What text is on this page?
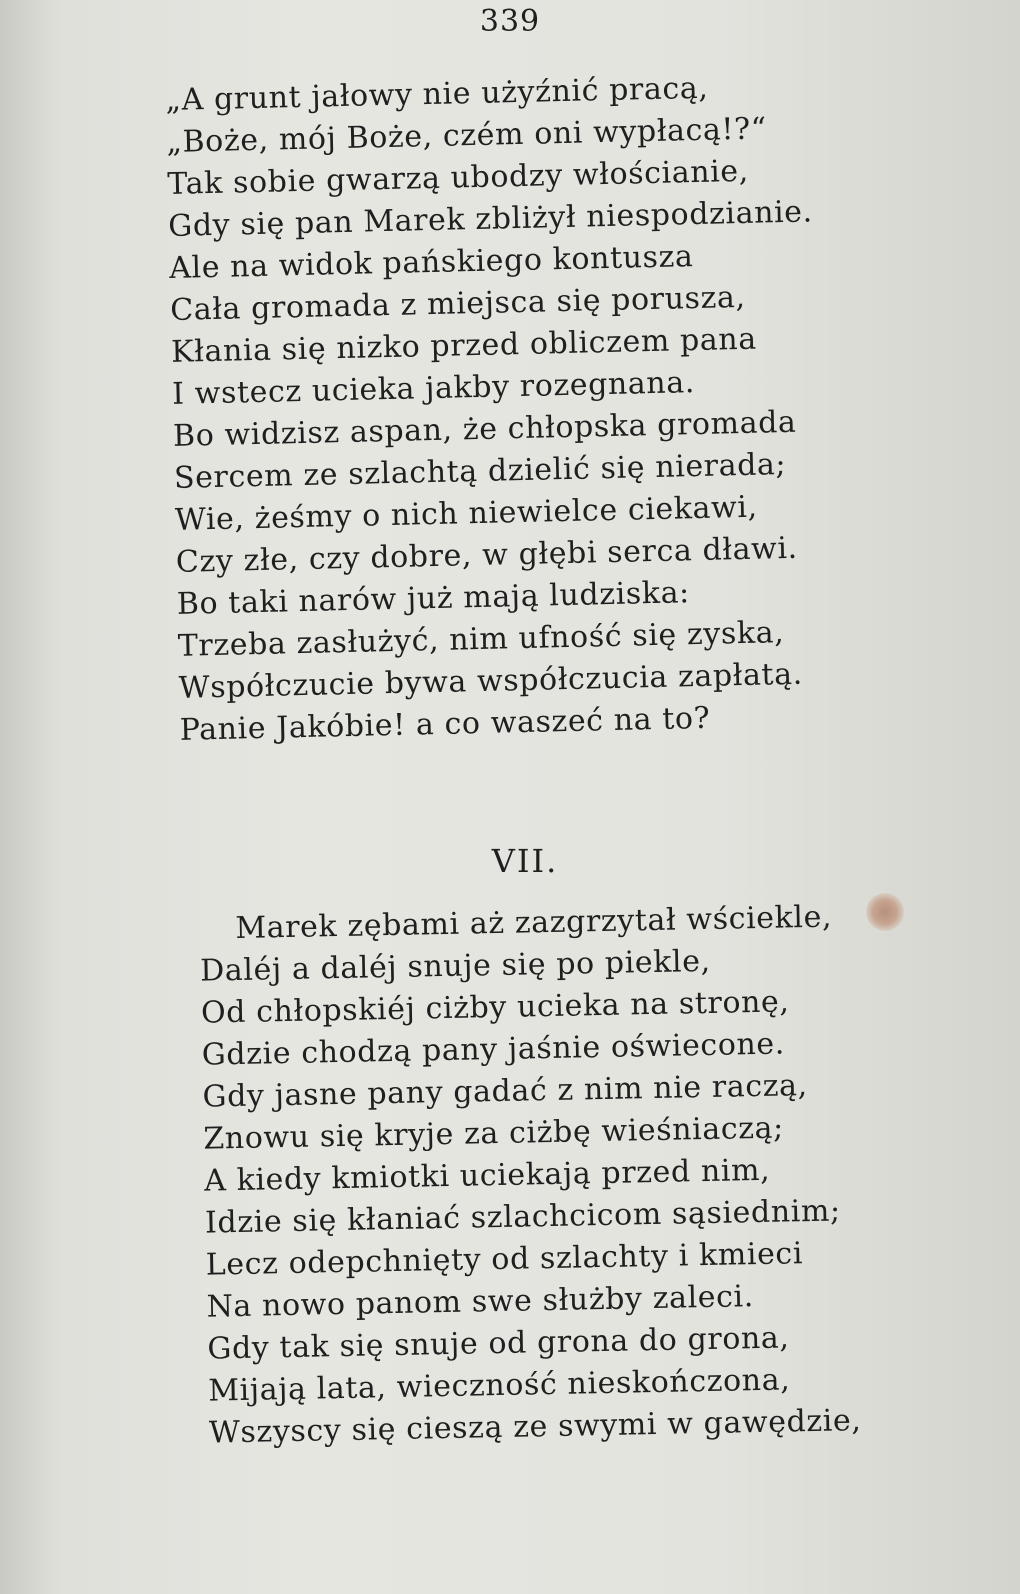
339
„A grunt jałowy nie użyźnić pracą,
„Boże, mój Boże, czém oni wypłacą!?“
Tak sobie gwarzą ubodzy włościanie,
Gdy się pan Marek zbliżył niespodzianie.
Ale na widok pańskiego kontusza
Cała gromada z miejsca się porusza,
Kłania się nizko przed obliczem pana
I wstecz ucieka jakby rozegnana.
Bo widzisz aspan, że chłopska gromada
Sercem ze szlachtą dzielić się nierada;
Wie, żeśmy o nich niewielce ciekawi,
Czy złe, czy dobre, w głębi serca dławi.
Bo taki narów już mają ludziska:
Trzeba zasłużyć, nim ufność się zyska,
Współczucie bywa współczucia zapłatą.
Panie Jakóbie! a co waszeć na to?
VII.
Marek zębami aż zazgrzytał wściekle,
Daléj a daléj snuje się po piekle,
Od chłopskiéj ciżby ucieka na stronę,
Gdzie chodzą pany jaśnie oświecone.
Gdy jasne pany gadać z nim nie raczą,
Znowu się kryje za ciżbę wieśniaczą;
A kiedy kmiotki uciekają przed nim,
Idzie się kłaniać szlachcicom sąsiednim;
Lecz odepchnięty od szlachty i kmieci
Na nowo panom swe służby zaleci.
Gdy tak się snuje od grona do grona,
Mijają lata, wieczność nieskończona,
Wszyscy się cieszą ze swymi w gawędzie,
